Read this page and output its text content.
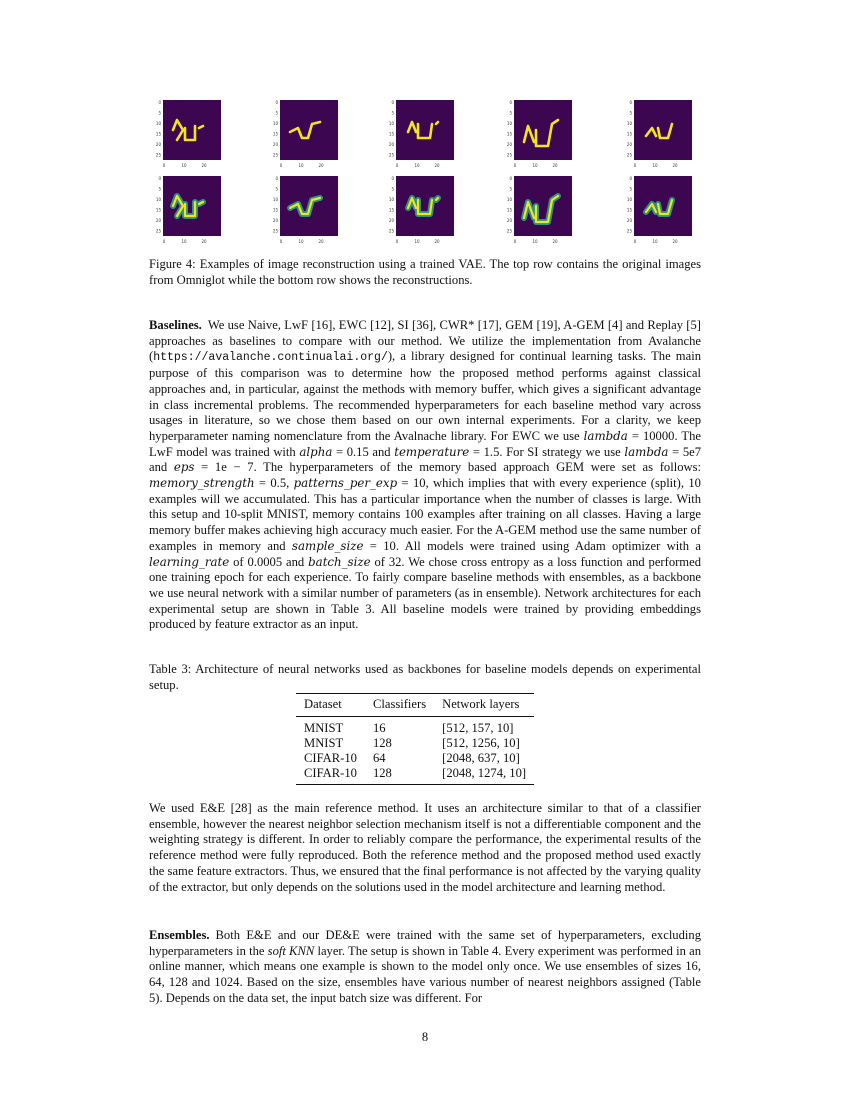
0
5
10
15
20
25
0	10	20
0
5
10
15
20
25
0	10	20
0
5
10
15
20
25
0	10	20
0
5
10
15
20
25
0	10	20
0
5
10
15
20
25
0	10	20
0
5
10
15
20
25
0	10	20
0
5
10
15
20
25
0	10	20
0
5
10
15
20
25
0	10	20
0
5
10
15
20
25
0	10	20
0
5
10
15
20
25
0	10	20
Figure 4: Examples of image reconstruction using a trained VAE. The top row contains the original images from Omniglot while the bottom row shows the reconstructions.
Baselines. We use Naive, LwF [16], EWC [12], SI [36], CWR* [17], GEM [19], A-GEM [4] and Replay [5] approaches as baselines to compare with our method. We utilize the implementation from Avalanche (https://avalanche.continualai.org/), a library designed for continual learning tasks. The main purpose of this comparison was to determine how the proposed method performs against classical approaches and, in particular, against the methods with memory buffer, which gives a significant advantage in class incremental problems. The recommended hyperparameters for each baseline method vary across usages in literature, so we chose them based on our own internal experiments. For a clarity, we keep hyperparameter naming nomenclature from the Avalnache library. For EWC we use lambda = 10000. The LwF model was trained with alpha = 0.15 and temperature = 1.5. For SI strategy we use lambda = 5e7 and eps = 1e − 7. The hyperparameters of the memory based approach GEM were set as follows: memory_strength = 0.5, patterns_per_exp = 10, which implies that with every experience (split), 10 examples will we accumulated. This has a particular importance when the number of classes is large. With this setup and 10-split MNIST, memory contains 100 examples after training on all classes. Having a large memory buffer makes achieving high accuracy much easier. For the A-GEM method use the same number of examples in memory and sample_size = 10. All models were trained using Adam optimizer with a learning_rate of 0.0005 and batch_size of 32. We chose cross entropy as a loss function and performed one training epoch for each experience. To fairly compare baseline methods with ensembles, as a backbone we use neural network with a similar number of parameters (as in ensemble). Network architectures for each experimental setup are shown in Table 3. All baseline models were trained by providing embeddings produced by feature extractor as an input.
Table 3: Architecture of neural networks used as backbones for baseline models depends on experimental setup.
Dataset	Classifiers	Network layers
MNIST	16	[512, 157, 10]
MNIST	128	[512, 1256, 10]
CIFAR-10	64	[2048, 637, 10]
CIFAR-10	128	[2048, 1274, 10]
We used E&E [28] as the main reference method. It uses an architecture similar to that of a classifier ensemble, however the nearest neighbor selection mechanism itself is not a differentiable component and the weighting strategy is different. In order to reliably compare the performance, the experimental results of the reference method were fully reproduced. Both the reference method and the proposed method used exactly the same feature extractors. Thus, we ensured that the final performance is not affected by the varying quality of the extractor, but only depends on the solutions used in the model architecture and learning method.
Ensembles. Both E&E and our DE&E were trained with the same set of hyperparameters, excluding hyperparameters in the soft KNN layer. The setup is shown in Table 4. Every experiment was performed in an online manner, which means one example is shown to the model only once. We use ensembles of sizes 16, 64, 128 and 1024. Based on the size, ensembles have various number of nearest neighbors assigned (Table 5). Depends on the data set, the input batch size was different. For
8
